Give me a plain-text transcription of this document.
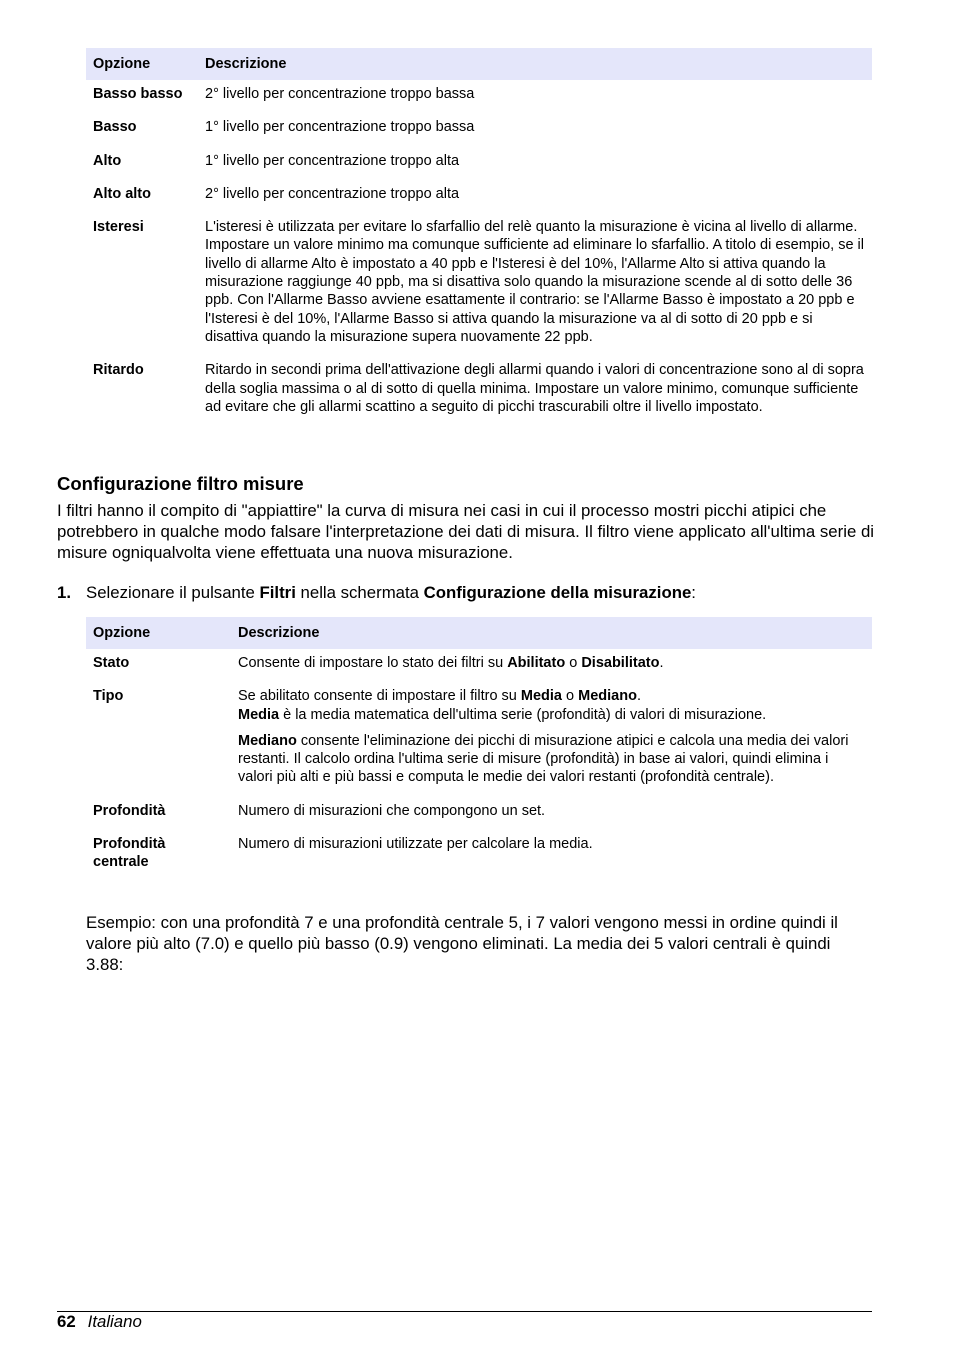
Opzione	Descrizione
Basso basso	2° livello per concentrazione troppo bassa
Basso	1° livello per concentrazione troppo bassa
Alto	1° livello per concentrazione troppo alta
Alto alto	2° livello per concentrazione troppo alta
Isteresi	L'isteresi è utilizzata per evitare lo sfarfallio del relè quanto la misurazione è vicina al livello di allarme. Impostare un valore minimo ma comunque sufficiente ad eliminare lo sfarfallio. A titolo di esempio, se il livello di allarme Alto è impostato a 40 ppb e l'Isteresi è del 10%, l'Allarme Alto si attiva quando la misurazione raggiunge 40 ppb, ma si disattiva solo quando la misurazione scende al di sotto delle 36 ppb. Con l'Allarme Basso avviene esattamente il contrario: se l'Allarme Basso è impostato a 20 ppb e l'Isteresi è del 10%, l'Allarme Basso si attiva quando la misurazione va al di sotto di 20 ppb e si disattiva quando la misurazione supera nuovamente 22 ppb.
Ritardo	Ritardo in secondi prima dell'attivazione degli allarmi quando i valori di concentrazione sono al di sopra della soglia massima o al di sotto di quella minima. Impostare un valore minimo, comunque sufficiente ad evitare che gli allarmi scattino a seguito di picchi trascurabili oltre il livello impostato.
Configurazione filtro misure
I filtri hanno il compito di "appiattire" la curva di misura nei casi in cui il processo mostri picchi atipici che potrebbero in qualche modo falsare l'interpretazione dei dati di misura. Il filtro viene applicato all'ultima serie di misure ogniqualvolta viene effettuata una nuova misurazione.
1. Selezionare il pulsante Filtri nella schermata Configurazione della misurazione:
Opzione	Descrizione
Stato	Consente di impostare lo stato dei filtri su Abilitato o Disabilitato.
Tipo	Se abilitato consente di impostare il filtro su Media o Mediano.
Media è la media matematica dell'ultima serie (profondità) di valori di misurazione.
Mediano consente l'eliminazione dei picchi di misurazione atipici e calcola una media dei valori restanti. Il calcolo ordina l'ultima serie di misure (profondità) in base ai valori, quindi elimina i valori più alti e più bassi e computa le medie dei valori restanti (profondità centrale).

Profondità	Numero di misurazioni che compongono un set.
Profondità centrale	Numero di misurazioni utilizzate per calcolare la media.
Esempio: con una profondità 7 e una profondità centrale 5, i 7 valori vengono messi in ordine quindi il valore più alto (7.0) e quello più basso (0.9) vengono eliminati. La media dei 5 valori centrali è quindi 3.88:
62 Italiano
